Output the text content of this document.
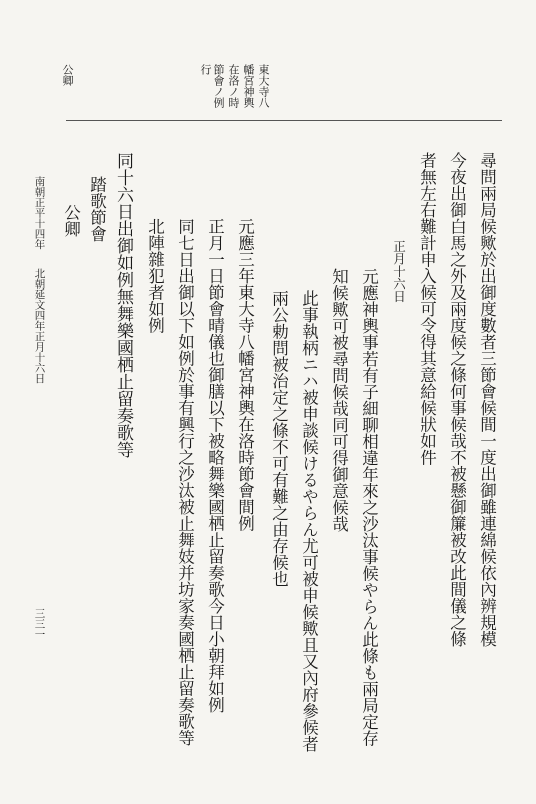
公卿	東大寺八
幡宮神輿
在洛ノ時
節會ノ例
行
尋問兩局候歟於出御度數者三節會候間一度出御雖連綿候依內辨規模
今夜出御白馬之外及兩度候之條何事候哉不被懸御簾被改此間儀之條
者無左右難計申入候可令得其意給候狀如件
正月十六日
元應神輿事若有子細聊相違年來之沙汰事候やらん此條も兩局定存
知候歟可被尋問候哉同可得御意候哉
此事執柄ニハ被申談候けるやらん尤可被申候歟且又內府參候者
兩公勅問被治定之條不可有難之由存候也
元應三年東大寺八幡宮神輿在洛時節會間例
正月一日節會晴儀也御膳以下被略舞樂國栖止留奏歌今日小朝拜如例
同七日出御以下如例於事有興行之沙汰被止舞妓并坊家奏國栖止留奏歌等
北陣雜犯者如例
同十六日出御如例無舞樂國栖止留奏歌等
踏歌節會
公卿
南朝正平十四年
北朝延文四年正月十六日
三三一
